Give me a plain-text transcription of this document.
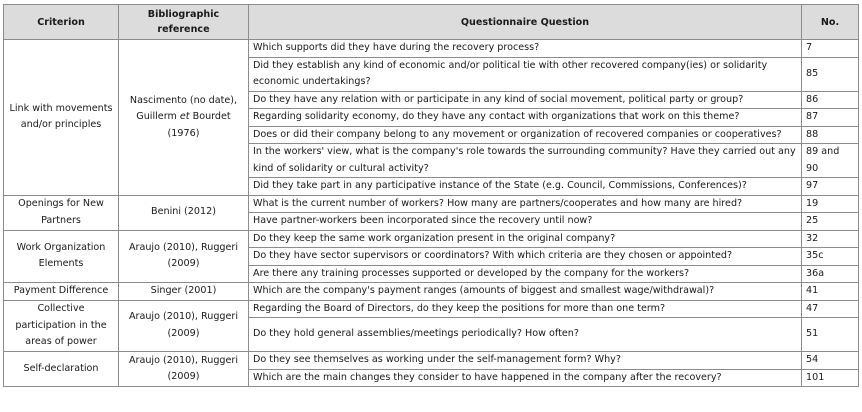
Criterion	Bibliographic reference	Questionnaire Question	No.
Link with movements and/or principles	Nascimento (no date), Guillerm et Bourdet (1976)	Which supports did they have during the recovery process?	7
		Did they establish any kind of economic and/or political tie with other recovered company(ies) or solidarity economic undertakings?	85
		Do they have any relation with or participate in any kind of social movement, political party or group?	86
		Regarding solidarity economy, do they have any contact with organizations that work on this theme?	87
		Does or did their company belong to any movement or organization of recovered companies or cooperatives?	88
		In the workers' view, what is the company's role towards the surrounding community? Have they carried out any kind of solidarity or cultural activity?	89 and 90
		Did they take part in any participative instance of the State (e.g. Council, Commissions, Conferences)?	97
Openings for New Partners	Benini (2012)	What is the current number of workers? How many are partners/cooperates and how many are hired?	19
		Have partner-workers been incorporated since the recovery until now?	25
Work Organization Elements	Araujo (2010), Ruggeri (2009)	Do they keep the same work organization present in the original company?	32
		Do they have sector supervisors or coordinators? With which criteria are they chosen or appointed?	35c
		Are there any training processes supported or developed by the company for the workers?	36a
Payment Difference	Singer (2001)	Which are the company's payment ranges (amounts of biggest and smallest wage/withdrawal)?	41
Collective participation in the areas of power	Araujo (2010), Ruggeri (2009)	Regarding the Board of Directors, do they keep the positions for more than one term?	47
		Do they hold general assemblies/meetings periodically? How often?	51
Self-declaration	Araujo (2010), Ruggeri (2009)	Do they see themselves as working under the self-management form? Why?	54
		Which are the main changes they consider to have happened in the company after the recovery?	101
